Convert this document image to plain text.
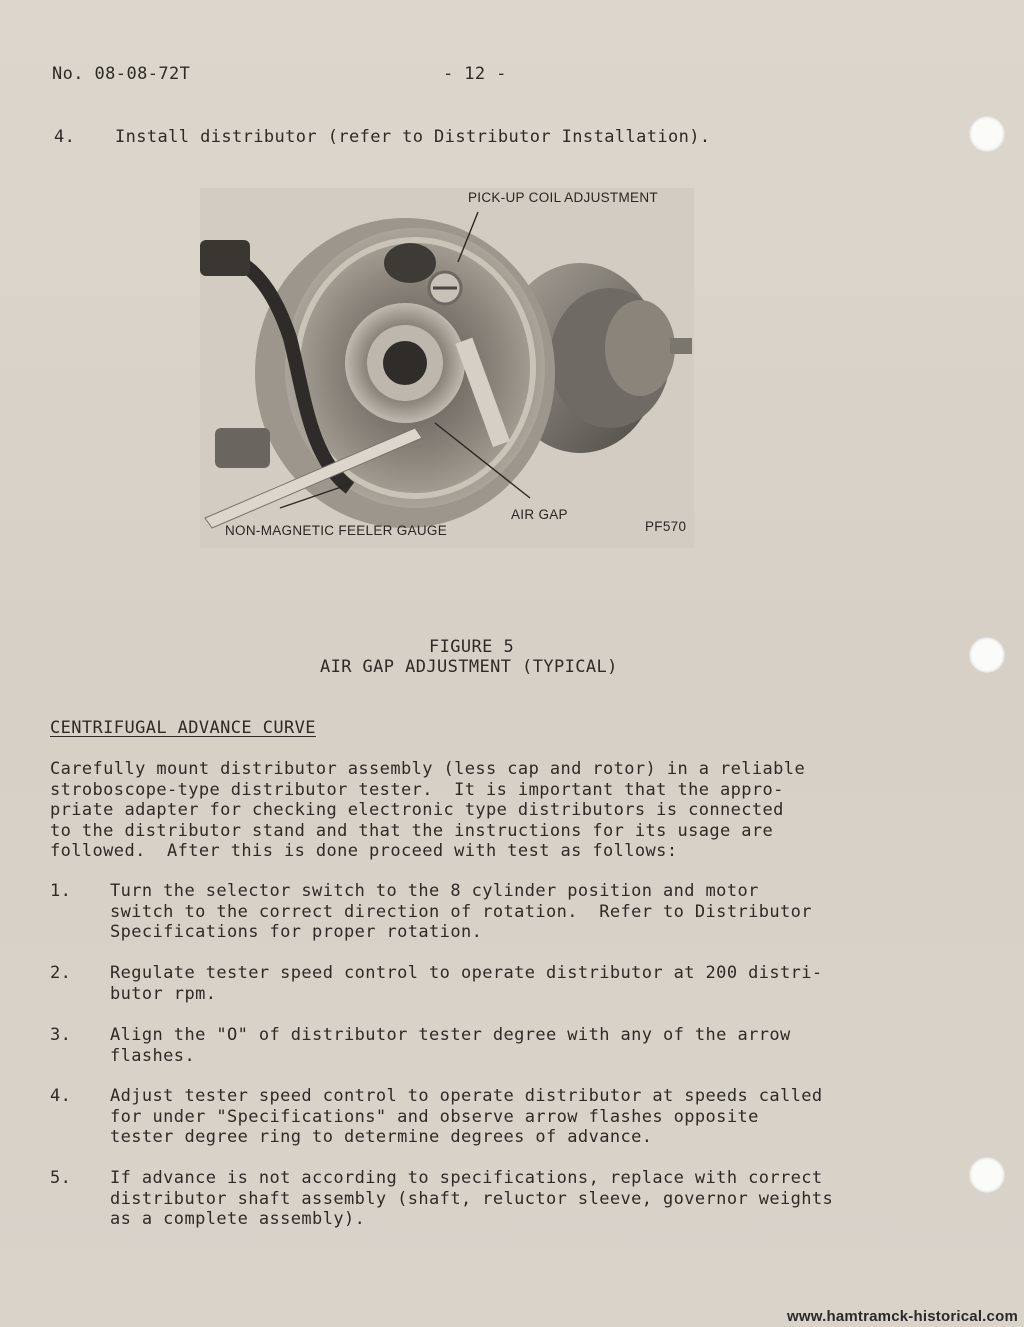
No. 08-08-72T	- 12 -
4. Install distributor (refer to Distributor Installation).
PICK-UP COIL ADJUSTMENT
NON-MAGNETIC FEELER GAUGE
AIR GAP
PF570
FIGURE 5
AIR GAP ADJUSTMENT (TYPICAL)
CENTRIFUGAL ADVANCE CURVE
Carefully mount distributor assembly (less cap and rotor) in a reliable
stroboscope-type distributor tester.  It is important that the appro-
priate adapter for checking electronic type distributors is connected
to the distributor stand and that the instructions for its usage are
followed.  After this is done proceed with test as follows:
1. Turn the selector switch to the 8 cylinder position and motor
switch to the correct direction of rotation.  Refer to Distributor
Specifications for proper rotation.
2. Regulate tester speed control to operate distributor at 200 distri-
butor rpm.
3. Align the "O" of distributor tester degree with any of the arrow
flashes.
4. Adjust tester speed control to operate distributor at speeds called
for under "Specifications" and observe arrow flashes opposite
tester degree ring to determine degrees of advance.
5. If advance is not according to specifications, replace with correct
distributor shaft assembly (shaft, reluctor sleeve, governor weights
as a complete assembly).
www.hamtramck-historical.com
